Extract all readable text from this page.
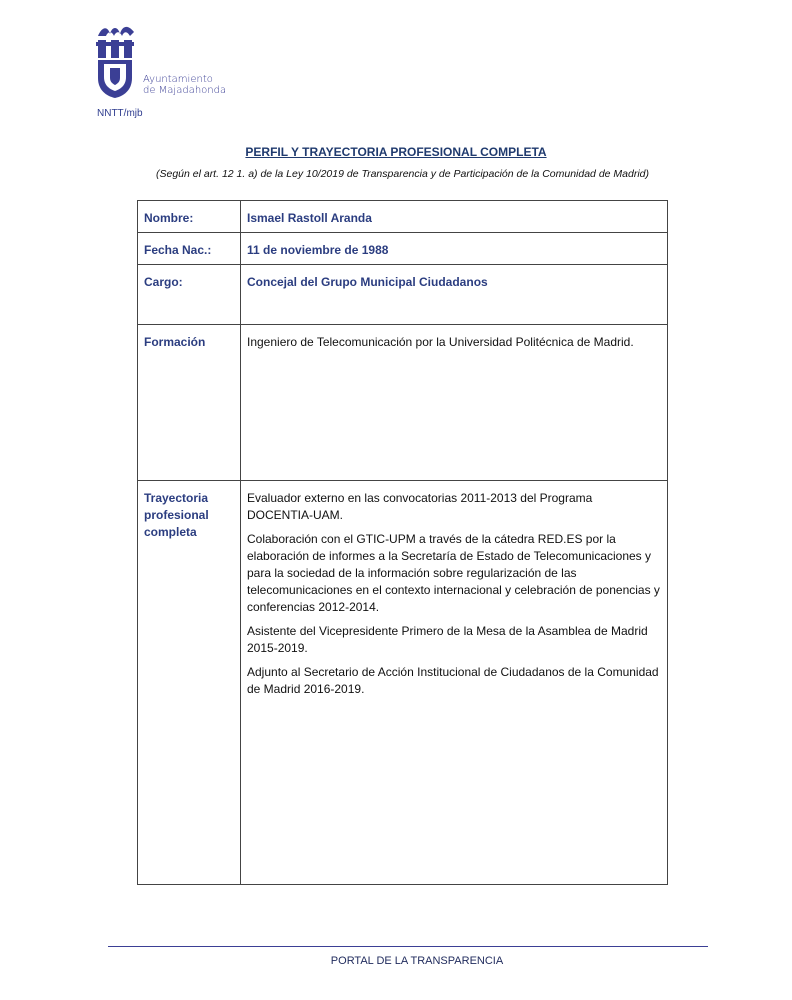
Ayuntamiento
de Majadahonda
NNTT/mjb
PERFIL Y TRAYECTORIA PROFESIONAL COMPLETA
(Según el art. 12 1. a) de la Ley 10/2019 de Transparencia y de Participación de la Comunidad de Madrid)
Nombre:	Ismael Rastoll Aranda
Fecha Nac.:	11 de noviembre de 1988
Cargo:	Concejal del Grupo Municipal Ciudadanos
Formación	Ingeniero de Telecomunicación por la Universidad Politécnica de Madrid.
Trayectoria profesional completa	Evaluador externo en las convocatorias 2011-2013 del Programa DOCENTIA-UAM.

Colaboración con el GTIC-UPM a través de la cátedra RED.ES por la elaboración de informes a la Secretaría de Estado de Telecomunicaciones y para la sociedad de la información sobre regularización de las telecomunicaciones en el contexto internacional y celebración de ponencias y conferencias 2012-2014.

Asistente del Vicepresidente Primero de la Mesa de la Asamblea de Madrid 2015-2019.

Adjunto al Secretario de Acción Institucional de Ciudadanos de la Comunidad de Madrid 2016-2019.

PORTAL DE LA TRANSPARENCIA
